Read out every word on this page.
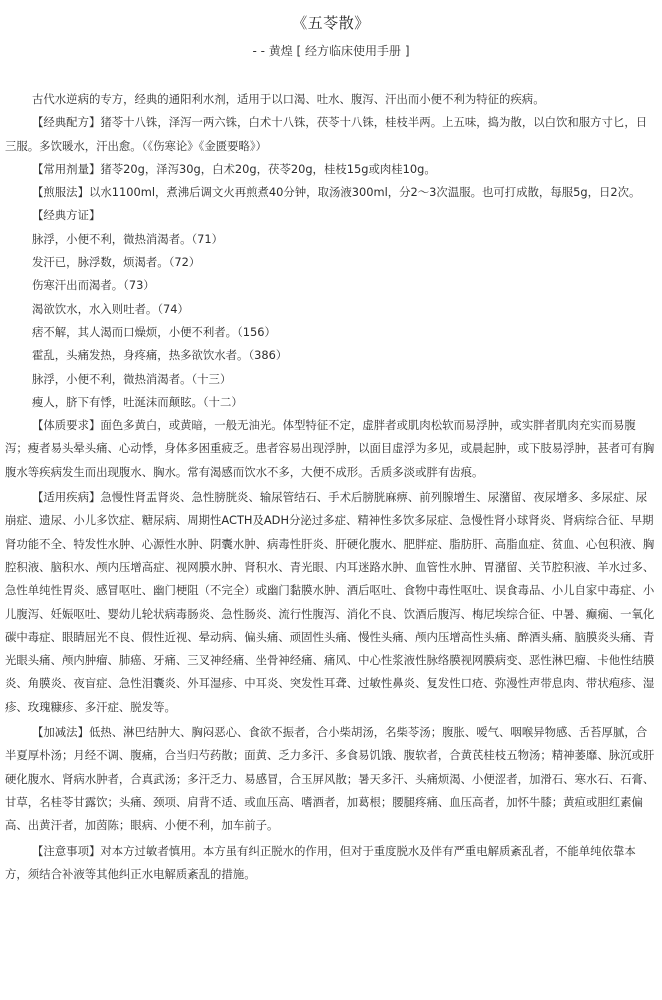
《五苓散》
- - 黄煌 [ 经方临床使用手册 ]

古代水逆病的专方，经典的通阳利水剂，适用于以口渴、吐水、腹泻、汗出而小便不利为特征的疾病。

【经典配方】猪苓十八铢，泽泻一两六铢，白术十八铢，茯苓十八铢，桂枝半两。上五味，捣为散，以白饮和服方寸匕，日三服。多饮暖水，汗出愈。（《伤寒论》《金匮要略》）

【常用剂量】猪苓20g，泽泻30g，白术20g，茯苓20g，桂枝15g或肉桂10g。

【煎服法】以水1100ml，煮沸后调文火再煎煮40分钟，取汤液300ml，分2～3次温服。也可打成散，每服5g，日2次。

【经典方证】

脉浮，小便不利，微热消渴者。（71）

发汗已，脉浮数，烦渴者。（72）

伤寒汗出而渴者。（73）

渴欲饮水，水入则吐者。（74）

痞不解，其人渴而口燥烦，小便不利者。（156）

霍乱，头痛发热，身疼痛，热多欲饮水者。（386）

脉浮，小便不利，微热消渴者。（十三）

瘦人，脐下有悸，吐涎沫而颠眩。（十二）

【体质要求】面色多黄白，或黄暗，一般无油光。体型特征不定，虚胖者或肌肉松软而易浮肿，或实胖者肌肉充实而易腹泻；瘦者易头晕头痛、心动悸，身体多困重疲乏。患者容易出现浮肿，以面目虚浮为多见，或晨起肿，或下肢易浮肿，甚者可有胸腹水等疾病发生而出现腹水、胸水。常有渴感而饮水不多，大便不成形。舌质多淡或胖有齿痕。

【适用疾病】急慢性肾盂肾炎、急性膀胱炎、输尿管结石、手术后膀胱麻痹、前列腺增生、尿潴留、夜尿增多、多尿症、尿崩症、遗尿、小儿多饮症、糖尿病、周期性ACTH及ADH分泌过多症、精神性多饮多尿症、急慢性肾小球肾炎、肾病综合征、早期肾功能不全、特发性水肿、心源性水肿、阴囊水肿、病毒性肝炎、肝硬化腹水、肥胖症、脂肪肝、高脂血症、贫血、心包积液、胸腔积液、脑积水、颅内压增高症、视网膜水肿、肾积水、青光眼、内耳迷路水肿、血管性水肿、胃潴留、关节腔积液、羊水过多、急性单纯性胃炎、感冒呕吐、幽门梗阻（不完全）或幽门黏膜水肿、酒后呕吐、食物中毒性呕吐、误食毒品、小儿自家中毒症、小儿腹泻、妊娠呕吐、婴幼儿轮状病毒肠炎、急性肠炎、流行性腹泻、消化不良、饮酒后腹泻、梅尼埃综合征、中暑、癫痫、一氧化碳中毒症、眼睛屈光不良、假性近视、晕动病、偏头痛、顽固性头痛、慢性头痛、颅内压增高性头痛、醉酒头痛、脑膜炎头痛、青光眼头痛、颅内肿瘤、肺癌、牙痛、三叉神经痛、坐骨神经痛、痛风、中心性浆液性脉络膜视网膜病变、恶性淋巴瘤、卡他性结膜炎、角膜炎、夜盲症、急性泪囊炎、外耳湿疹、中耳炎、突发性耳聋、过敏性鼻炎、复发性口疮、弥漫性声带息肉、带状疱疹、湿疹、玫瑰糠疹、多汗症、脱发等。

【加减法】低热、淋巴结肿大、胸闷恶心、食欲不振者，合小柴胡汤，名柴苓汤；腹胀、嗳气、咽喉异物感、舌苔厚腻，合半夏厚朴汤；月经不调、腹痛，合当归芍药散；面黄、乏力多汗、多食易饥饿、腹软者，合黄芪桂枝五物汤；精神萎靡、脉沉或肝硬化腹水、肾病水肿者，合真武汤；多汗乏力、易感冒，合玉屏风散；暑天多汗、头痛烦渴、小便涩者，加滑石、寒水石、石膏、甘草，名桂苓甘露饮；头痛、颈项、肩背不适、或血压高、嗜酒者，加葛根；腰腿疼痛、血压高者，加怀牛膝；黄疸或胆红素偏高、出黄汗者，加茵陈；眼病、小便不利，加车前子。

【注意事项】对本方过敏者慎用。本方虽有纠正脱水的作用，但对于重度脱水及伴有严重电解质紊乱者，不能单纯依靠本方，须结合补液等其他纠正水电解质紊乱的措施。
